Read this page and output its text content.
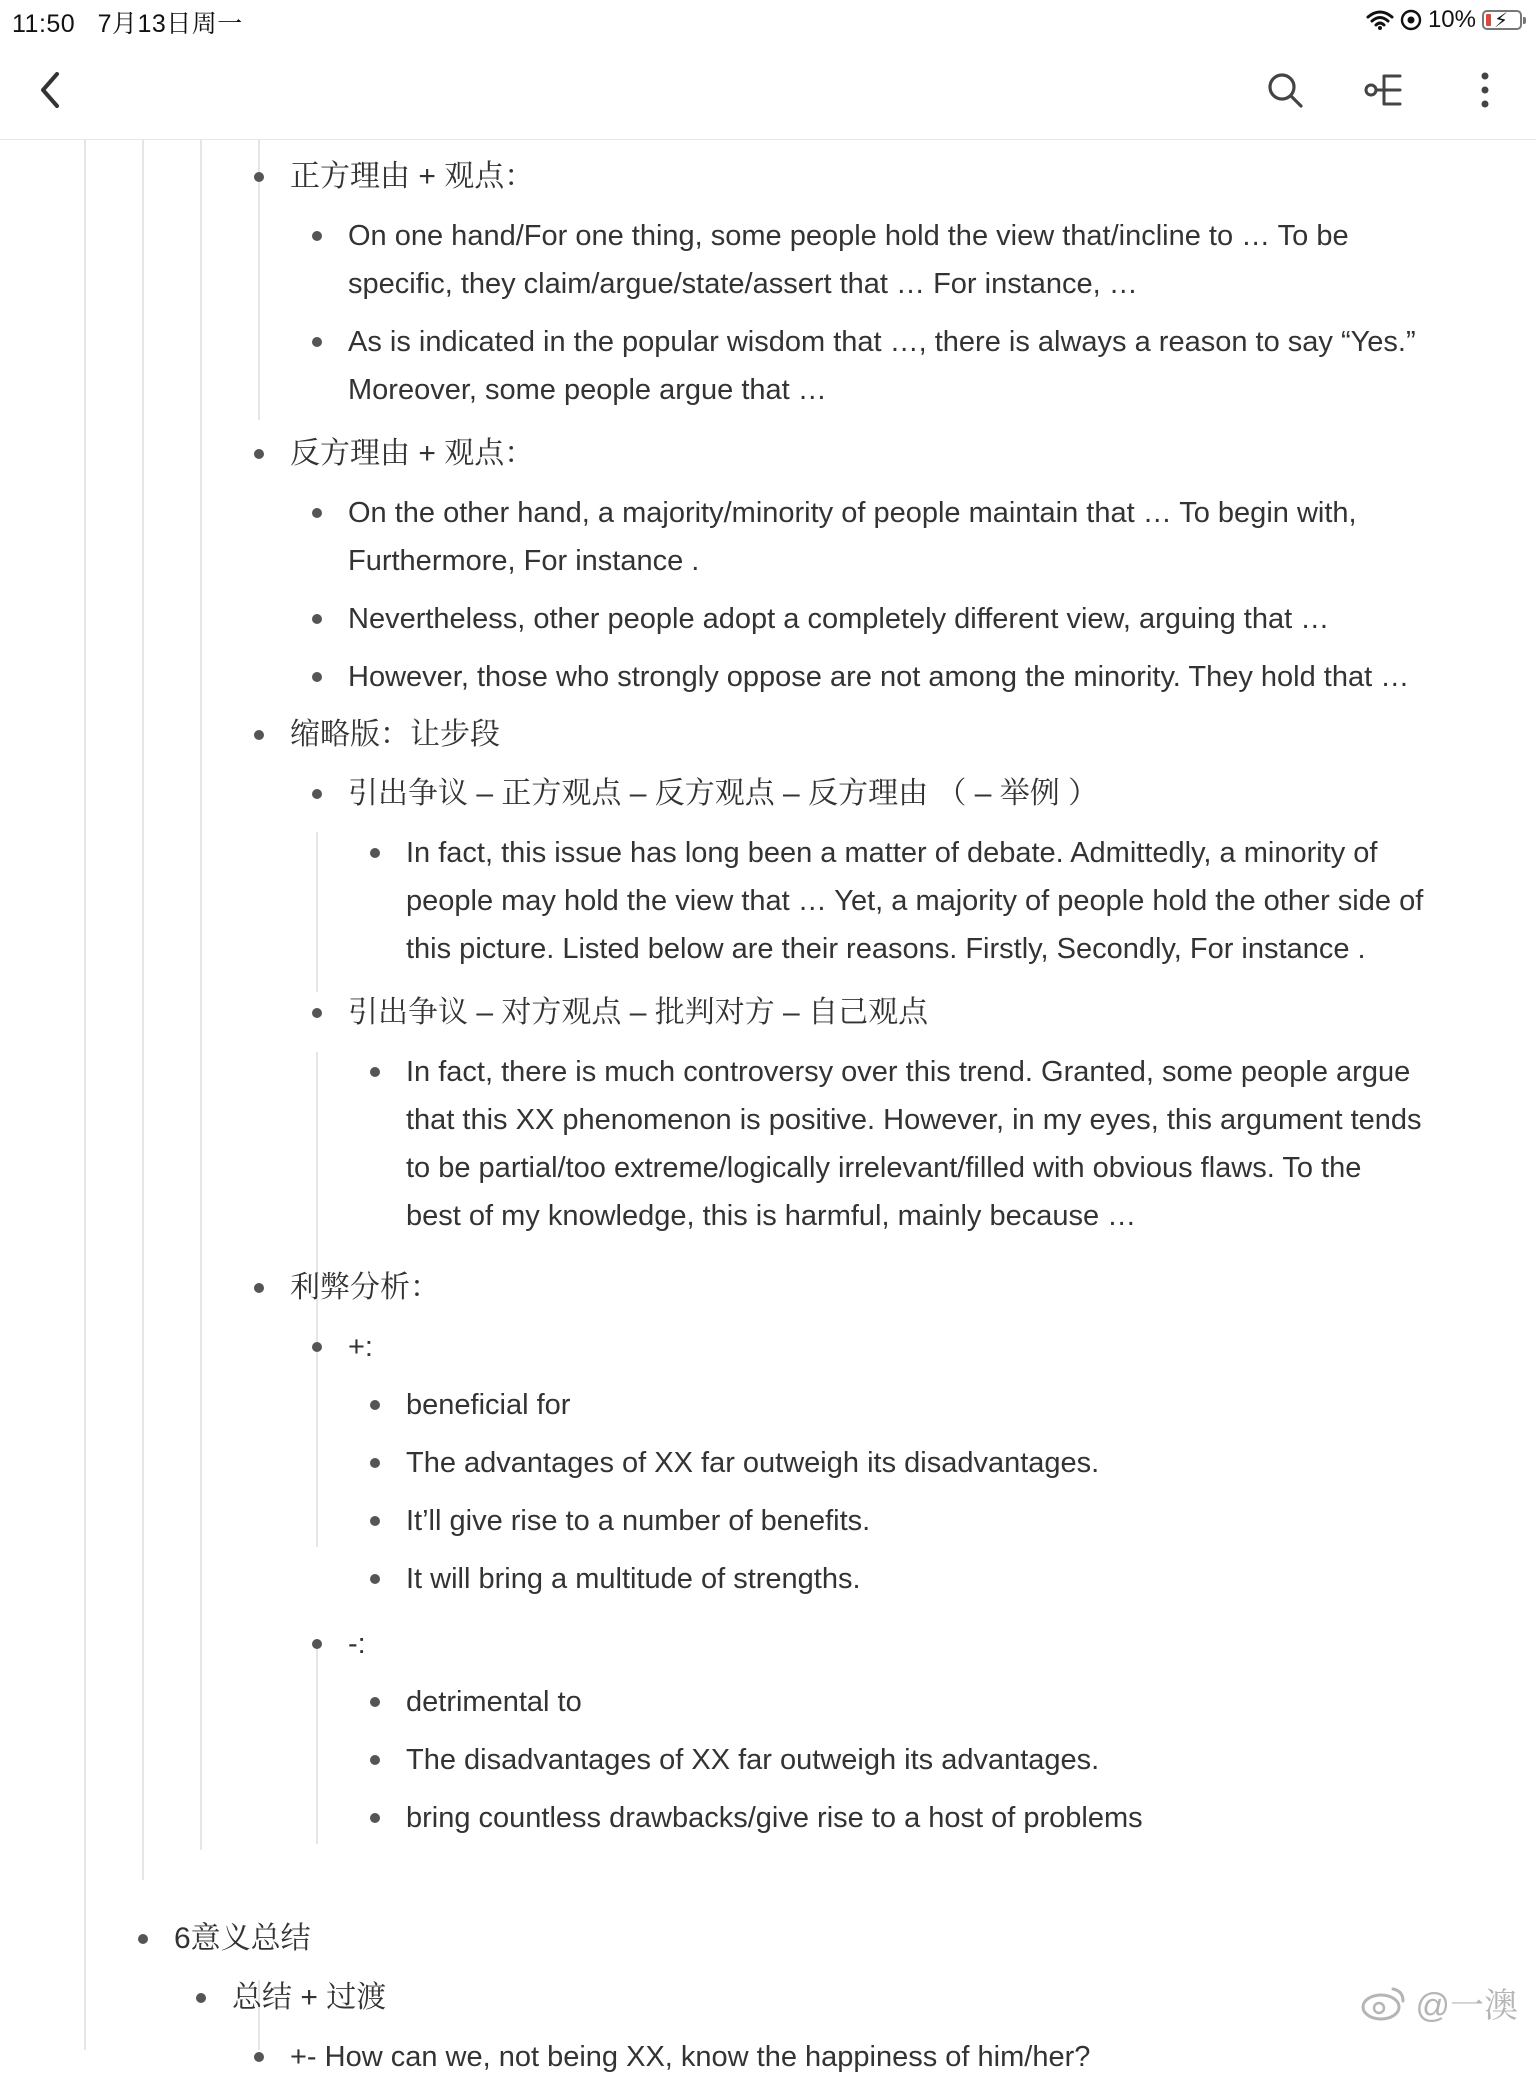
11:50 7月13日周一	10% ⚡
正方理由 + 观点：
On one hand/For one thing, some people hold the view that/incline to … To be
specific, they claim/argue/state/assert that … For instance, …
As is indicated in the popular wisdom that …, there is always a reason to say “Yes.”
Moreover, some people argue that …
反方理由 + 观点：
On the other hand, a majority/minority of people maintain that … To begin with,
Furthermore, For instance .
Nevertheless, other people adopt a completely different view, arguing that …
However, those who strongly oppose are not among the minority. They hold that …
缩略版：让步段
引出争议 – 正方观点 – 反方观点 – 反方理由 （ – 举例 ）
In fact, this issue has long been a matter of debate. Admittedly, a minority of
people may hold the view that … Yet, a majority of people hold the other side of
this picture. Listed below are their reasons. Firstly, Secondly, For instance .
引出争议 – 对方观点 – 批判对方 – 自己观点
In fact, there is much controversy over this trend. Granted, some people argue
that this XX phenomenon is positive. However, in my eyes, this argument tends
to be partial/too extreme/logically irrelevant/filled with obvious flaws. To the
best of my knowledge, this is harmful, mainly because …
利弊分析：
+:
beneficial for
The advantages of XX far outweigh its disadvantages.
It’ll give rise to a number of benefits.
It will bring a multitude of strengths.
-:
detrimental to
The disadvantages of XX far outweigh its advantages.
bring countless drawbacks/give rise to a host of problems
6意义总结
总结 + 过渡
+- How can we, not being XX, know the happiness of him/her?
@一澳
